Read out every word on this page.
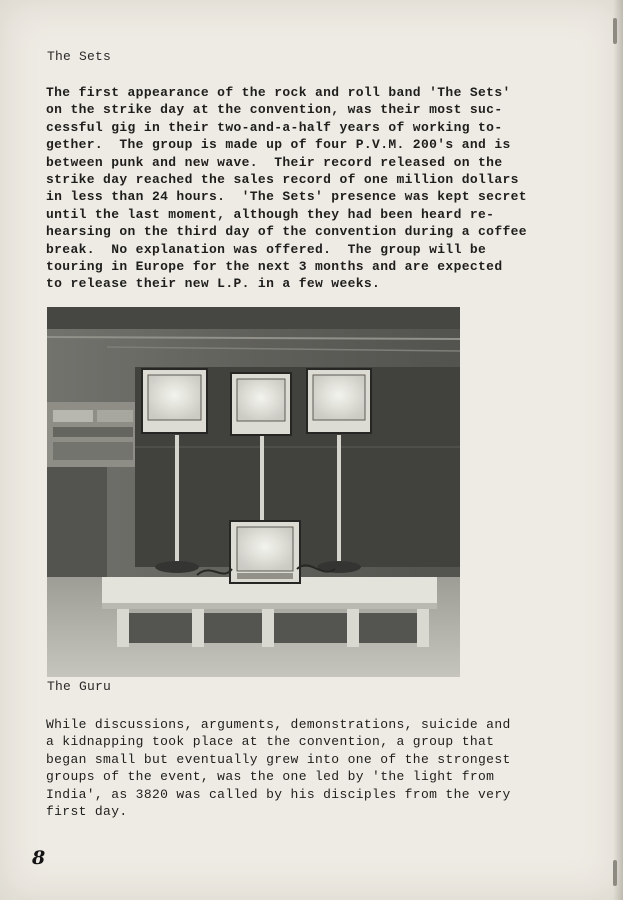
The Sets

The first appearance of the rock and roll band 'The Sets'
on the strike day at the convention, was their most suc-
cessful gig in their two-and-a-half years of working to-
gether.  The group is made up of four P.V.M. 200's and is
between punk and new wave.  Their record released on the
strike day reached the sales record of one million dollars
in less than 24 hours.  'The Sets' presence was kept secret
until the last moment, although they had been heard re-
hearsing on the third day of the convention during a coffee
break.  No explanation was offered.  The group will be
touring in Europe for the next 3 months and are expected
to release their new L.P. in a few weeks.

The Guru

While discussions, arguments, demonstrations, suicide and
a kidnapping took place at the convention, a group that
began small but eventually grew into one of the strongest
groups of the event, was the one led by 'the light from
India', as 3820 was called by his disciples from the very
first day.

8
